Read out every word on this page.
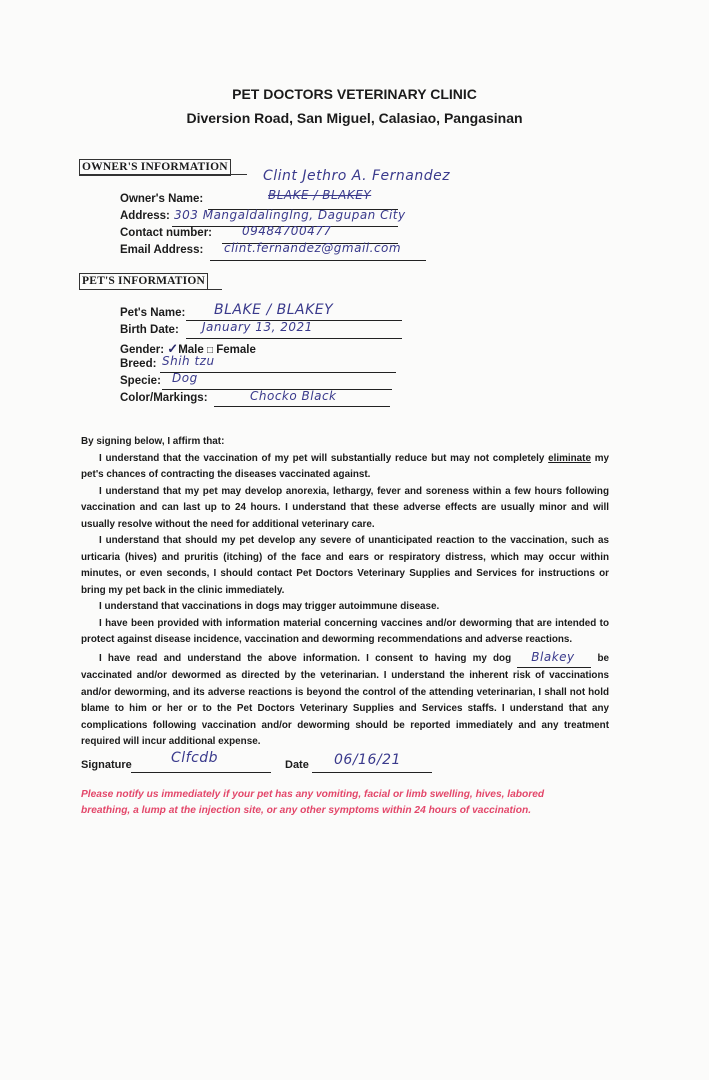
PET DOCTORS VETERINARY CLINIC
Diversion Road, San Miguel, Calasiao, Pangasinan
OWNER'S INFORMATION
Clint Jethro A. Fernandez
Owner's Name:	BLAKE / BLAKEY
Address: 303 Mangaldalinglng, Dagupan City
Contact number:	09484700477
Email Address: clint.fernandez@gmail.com
PET'S INFORMATION
Pet's Name: BLAKE / BLAKEY
Birth Date: January 13, 2021
Gender: ✓Male □ Female
Breed: Shih tzu
Specie: Dog
Color/Markings:	Chocko Black

By signing below, I affirm that:

I understand that the vaccination of my pet will substantially reduce but may not completely eliminate my pet's chances of contracting the diseases vaccinated against.

I understand that my pet may develop anorexia, lethargy, fever and soreness within a few hours following vaccination and can last up to 24 hours. I understand that these adverse effects are usually minor and will usually resolve without the need for additional veterinary care.

I understand that should my pet develop any severe of unanticipated reaction to the vaccination, such as urticaria (hives) and pruritis (itching) of the face and ears or respiratory distress, which may occur within minutes, or even seconds, I should contact Pet Doctors Veterinary Supplies and Services for instructions or bring my pet back in the clinic immediately.

I understand that vaccinations in dogs may trigger autoimmune disease.

I have been provided with information material concerning vaccines and/or deworming that are intended to protect against disease incidence, vaccination and deworming recommendations and adverse reactions.

I have read and understand the above information. I consent to having my dog Blakey be vaccinated and/or dewormed as directed by the veterinarian. I understand the inherent risk of vaccinations and/or deworming, and its adverse reactions is beyond the control of the attending veterinarian, I shall not hold blame to him or her or to the Pet Doctors Veterinary Supplies and Services staffs. I understand that any complications following vaccination and/or deworming should be reported immediately and any treatment required will incur additional expense.

Signature	Clfcdb	Date 06/16/21
Please notify us immediately if your pet has any vomiting, facial or limb swelling, hives, labored breathing, a lump at the injection site, or any other symptoms within 24 hours of vaccination.
